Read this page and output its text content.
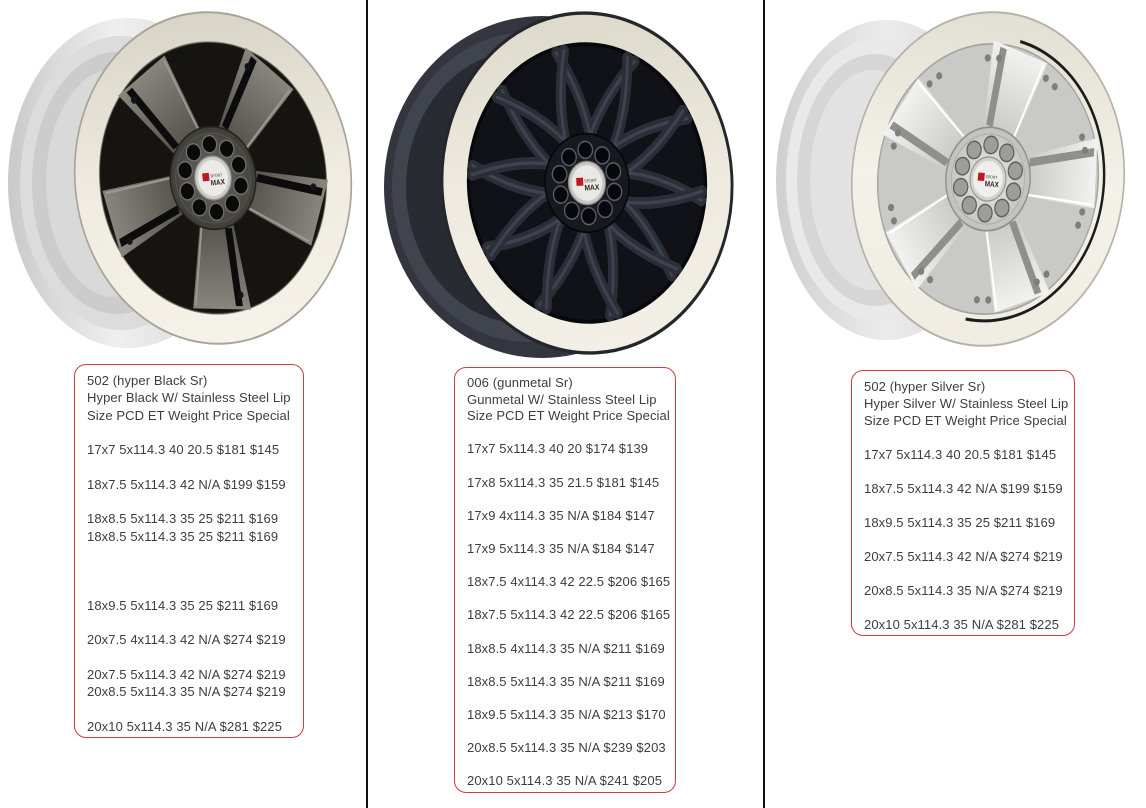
SPORT
MAX	SPORT
MAX
SPORT
MAX
502 (hyper Black Sr)
Hyper Black W/ Stainless Steel Lip
Size PCD ET Weight Price Special

17x7 5x114.3 40 20.5 $181 $145

18x7.5 5x114.3 42 N/A $199 $159

18x8.5 5x114.3 35 25 $211 $169
18x8.5 5x114.3 35 25 $211 $169

18x9.5 5x114.3 35 25 $211 $169

20x7.5 4x114.3 42 N/A $274 $219

20x7.5 5x114.3 42 N/A $274 $219
20x8.5 5x114.3 35 N/A $274 $219

20x10 5x114.3 35 N/A $281 $225
006 (gunmetal Sr)
Gunmetal W/ Stainless Steel Lip
Size PCD ET Weight Price Special

17x7 5x114.3 40 20 $174 $139

17x8 5x114.3 35 21.5 $181 $145

17x9 4x114.3 35 N/A $184 $147

17x9 5x114.3 35 N/A $184 $147

18x7.5 4x114.3 42 22.5 $206 $165

18x7.5 5x114.3 42 22.5 $206 $165

18x8.5 4x114.3 35 N/A $211 $169

18x8.5 5x114.3 35 N/A $211 $169

18x9.5 5x114.3 35 N/A $213 $170

20x8.5 5x114.3 35 N/A $239 $203

20x10 5x114.3 35 N/A $241 $205
502 (hyper Silver Sr)
Hyper Silver W/ Stainless Steel Lip
Size PCD ET Weight Price Special

17x7 5x114.3 40 20.5 $181 $145

18x7.5 5x114.3 42 N/A $199 $159

18x9.5 5x114.3 35 25 $211 $169

20x7.5 5x114.3 42 N/A $274 $219

20x8.5 5x114.3 35 N/A $274 $219

20x10 5x114.3 35 N/A $281 $225
